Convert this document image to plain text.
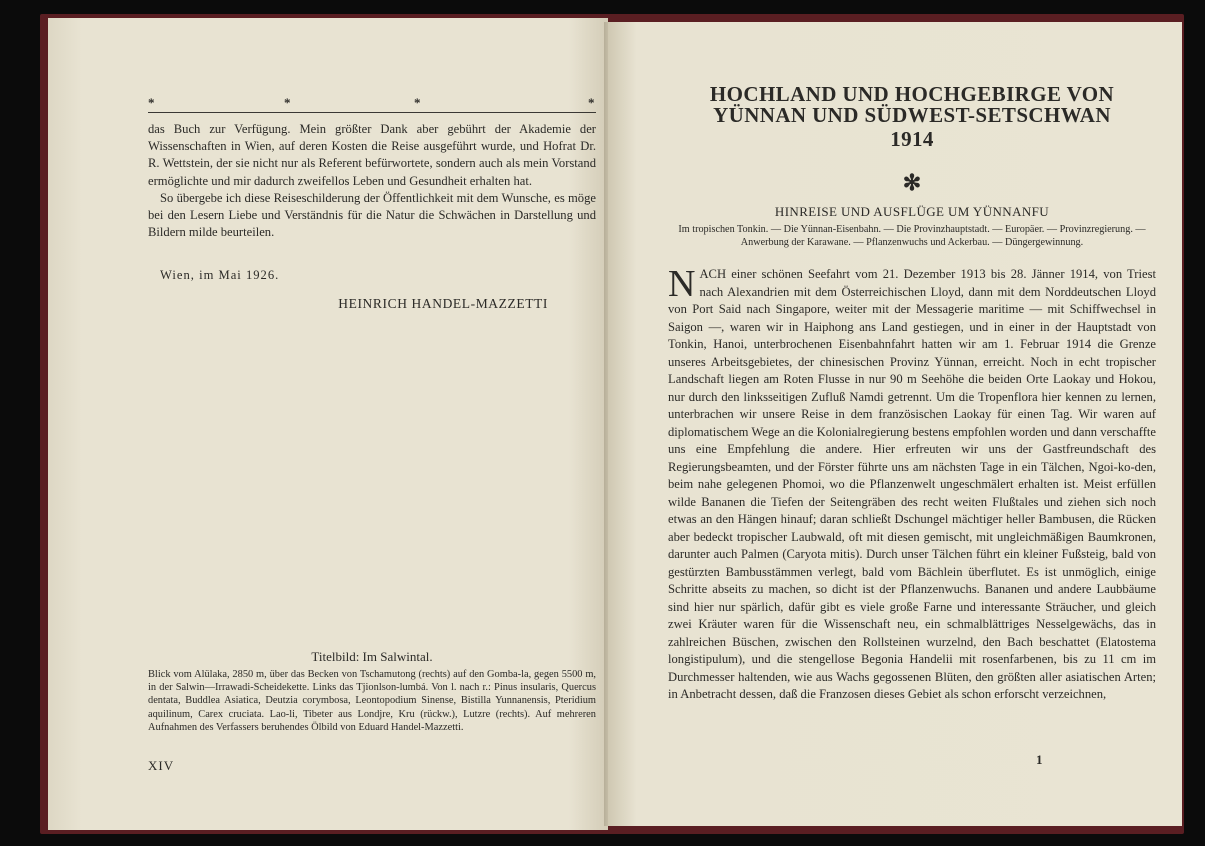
*	*	*	*

das Buch zur Verfügung. Mein größter Dank aber gebührt der Akademie der Wissenschaften in Wien, auf deren Kosten die Reise ausgeführt wurde, und Hofrat Dr. R. Wettstein, der sie nicht nur als Referent befürwortete, sondern auch als mein Vorstand ermöglichte und mir dadurch zweifellos Leben und Gesundheit erhalten hat.

So übergebe ich diese Reiseschilderung der Öffentlichkeit mit dem Wunsche, es möge bei den Lesern Liebe und Verständnis für die Natur die Schwächen in Darstellung und Bildern milde beurteilen.

Wien, im Mai 1926.
HEINRICH HANDEL-MAZZETTI
Titelbild: Im Salwintal.
Blick vom Alülaka, 2850 m, über das Becken von Tschamutong (rechts) auf den Gomba-la, gegen 5500 m, in der Salwin—Irrawadi-Scheidekette. Links das Tjionlson-lumbá. Von l. nach r.: Pinus insularis, Quercus dentata, Buddlea Asiatica, Deutzia corymbosa, Leontopodium Sinense, Bistilla Yunnanensis, Pteridium aquilinum, Carex cruciata. Lao-li, Tibeter aus Londjre, Kru (rückw.), Lutzre (rechts). Auf mehreren Aufnahmen des Verfassers beruhendes Ölbild von Eduard Handel-Mazzetti.
XIV
HOCHLAND UND HOCHGEBIRGE VON
YÜNNAN UND SÜDWEST-SETSCHWAN
1914
✻
HINREISE UND AUSFLÜGE UM YÜNNANFU
Im tropischen Tonkin. — Die Yünnan-Eisenbahn. — Die Provinzhauptstadt. — Europäer. — Provinzregierung. — Anwerbung der Karawane. — Pflanzenwuchs und Ackerbau. — Düngergewinnung.

N ACH einer schönen Seefahrt vom 21. Dezember 1913 bis 28. Jänner 1914, von Triest nach Alexandrien mit dem Österreichischen Lloyd, dann mit dem Norddeutschen Lloyd von Port Said nach Singapore, weiter mit der Messagerie maritime — mit Schiffwechsel in Saigon —, waren wir in Haiphong ans Land gestiegen, und in einer in der Hauptstadt von Tonkin, Hanoi, unterbrochenen Eisenbahnfahrt hatten wir am 1. Februar 1914 die Grenze unseres Arbeitsgebietes, der chinesischen Provinz Yünnan, erreicht. Noch in echt tropischer Landschaft liegen am Roten Flusse in nur 90 m Seehöhe die beiden Orte Laokay und Hokou, nur durch den linksseitigen Zufluß Namdi getrennt. Um die Tropenflora hier kennen zu lernen, unterbrachen wir unsere Reise in dem französischen Laokay für einen Tag. Wir waren auf diplomatischem Wege an die Kolonialregierung bestens empfohlen worden und dann verschaffte uns eine Empfehlung die andere. Hier erfreuten wir uns der Gastfreundschaft des Regierungsbeamten, und der Förster führte uns am nächsten Tage in ein Tälchen, Ngoi-ko-den, beim nahe gelegenen Phomoi, wo die Pflanzenwelt ungeschmälert erhalten ist. Meist erfüllen wilde Bananen die Tiefen der Seitengräben des recht weiten Flußtales und ziehen sich noch etwas an den Hängen hinauf; daran schließt Dschungel mächtiger heller Bambusen, die Rücken aber bedeckt tropischer Laubwald, oft mit diesen gemischt, mit ungleichmäßigen Baumkronen, darunter auch Palmen (Caryota mitis). Durch unser Tälchen führt ein kleiner Fußsteig, bald von gestürzten Bambusstämmen verlegt, bald vom Bächlein überflutet. Es ist unmöglich, einige Schritte abseits zu machen, so dicht ist der Pflanzenwuchs. Bananen und andere Laubbäume sind hier nur spärlich, dafür gibt es viele große Farne und interessante Sträucher, und gleich zwei Kräuter waren für die Wissenschaft neu, ein schmalblättriges Nesselgewächs, das in zahlreichen Büschen, zwischen den Rollsteinen wurzelnd, den Bach beschattet (Elatostema longistipulum), und die stengellose Begonia Handelii mit rosenfarbenen, bis zu 11 cm im Durchmesser haltenden, wie aus Wachs gegossenen Blüten, den größten aller asiatischen Arten; in Anbetracht dessen, daß die Franzosen dieses Gebiet als schon erforscht verzeichnen,

1
